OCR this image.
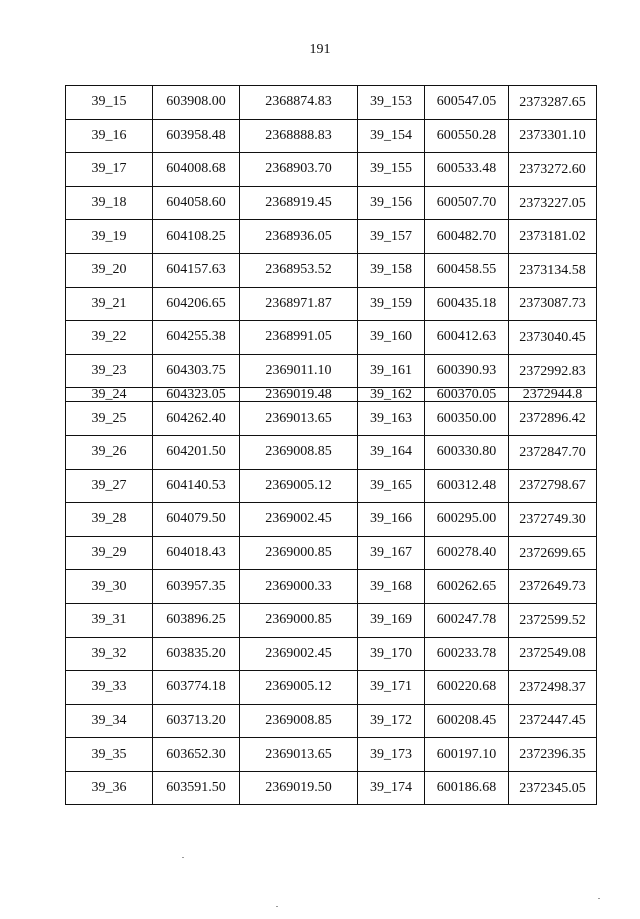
191
39_15	603908.00	2368874.83	39_153	600547.05	2373287.65
39_16	603958.48	2368888.83	39_154	600550.28	2373301.10
39_17	604008.68	2368903.70	39_155	600533.48	2373272.60
39_18	604058.60	2368919.45	39_156	600507.70	2373227.05
39_19	604108.25	2368936.05	39_157	600482.70	2373181.02
39_20	604157.63	2368953.52	39_158	600458.55	2373134.58
39_21	604206.65	2368971.87	39_159	600435.18	2373087.73
39_22	604255.38	2368991.05	39_160	600412.63	2373040.45
39_23	604303.75	2369011.10	39_161	600390.93	2372992.83
39_24	604323.05	2369019.48	39_162	600370.05	2372944.8
39_25	604262.40	2369013.65	39_163	600350.00	2372896.42
39_26	604201.50	2369008.85	39_164	600330.80	2372847.70
39_27	604140.53	2369005.12	39_165	600312.48	2372798.67
39_28	604079.50	2369002.45	39_166	600295.00	2372749.30
39_29	604018.43	2369000.85	39_167	600278.40	2372699.65
39_30	603957.35	2369000.33	39_168	600262.65	2372649.73
39_31	603896.25	2369000.85	39_169	600247.78	2372599.52
39_32	603835.20	2369002.45	39_170	600233.78	2372549.08
39_33	603774.18	2369005.12	39_171	600220.68	2372498.37
39_34	603713.20	2369008.85	39_172	600208.45	2372447.45
39_35	603652.30	2369013.65	39_173	600197.10	2372396.35
39_36	603591.50	2369019.50	39_174	600186.68	2372345.05
